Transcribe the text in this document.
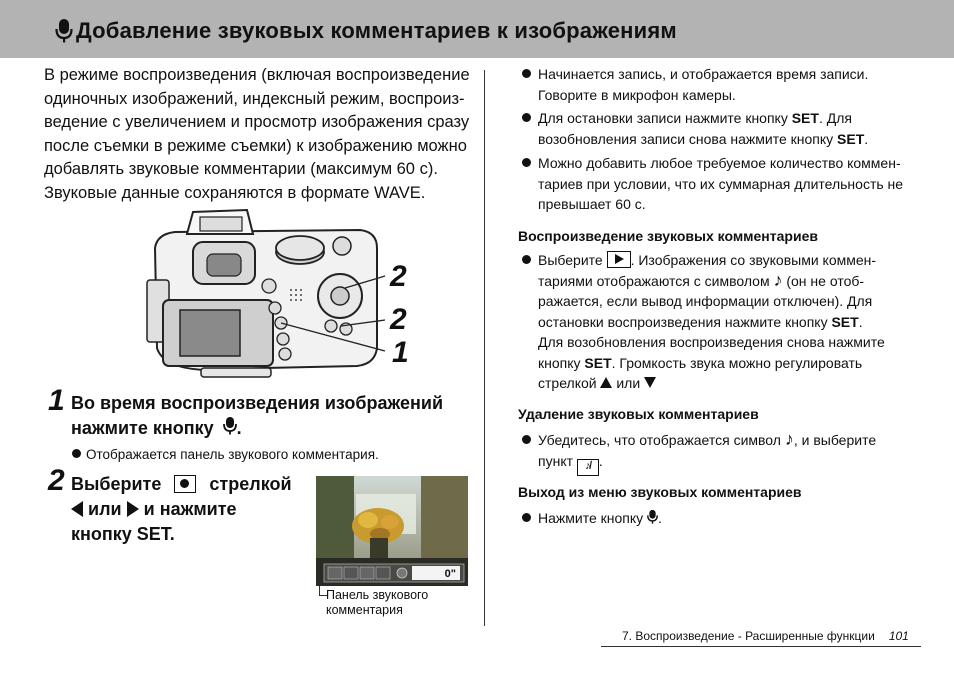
Добавление звуковых комментариев к изображениям
В режиме воспроизведения (включая воспроизведение
одиночных изображений, индексный режим, воспроиз-
ведение с увеличением и просмотр изображения сразу
после съемки в режиме съемки) к изображению можно
добавлять звуковые комментарии (максимум 60 с).
Звуковые данные сохраняются в формате WAVE.
2
2
1
1 Во время воспроизведения изображений
нажмите кнопку .
Отображается панель звукового комментария.
2 Выберите	стрелкой
или и нажмите
кнопку SET.
0"
Панель звукового
комментария
Начинается запись, и отображается время записи.
Говорите в микрофон камеры.
Для остановки записи нажмите кнопку SET. Для
возобновления записи снова нажмите кнопку SET.
Можно добавить любое требуемое количество коммен-
тариев при условии, что их суммарная длительность не
превышает 60 с.
Воспроизведение звуковых комментариев
Выберите . Изображения со звуковыми коммен-
тариями отображаются с символом ♪ (он не отоб-
ражается, если вывод информации отключен). Для
остановки воспроизведения нажмите кнопку SET.
Для возобновления воспроизведения снова нажмите
кнопку SET. Громкость звука можно регулировать
стрелкой или
Удаление звуковых комментариев
Убедитесь, что отображается символ ♪, и выберите
пункт ♪̸ .
Выход из меню звуковых комментариев
Нажмите кнопку .
7. Воспроизведение - Расширенные функции 101
